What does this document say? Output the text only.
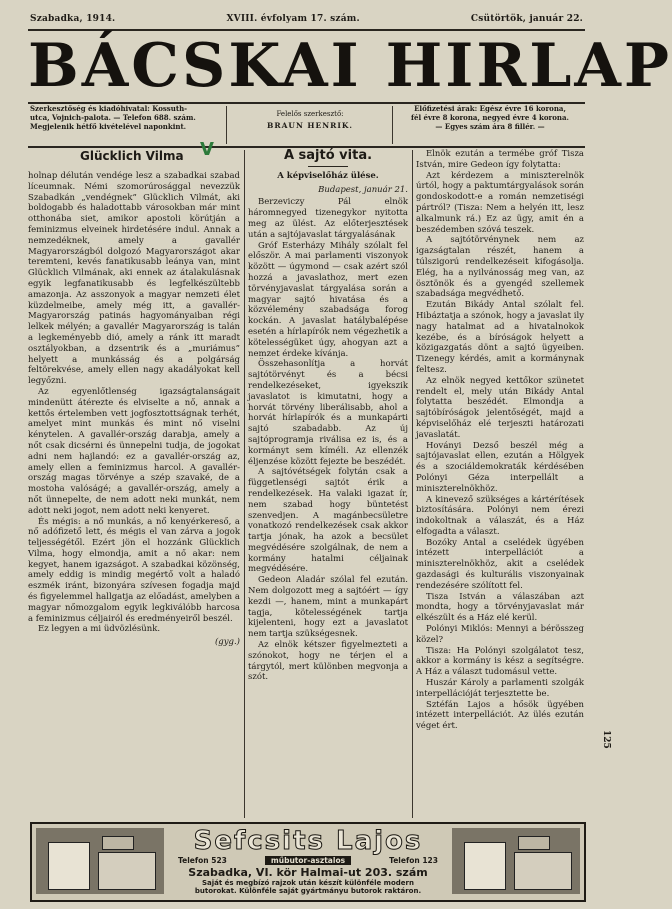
Szabadka, 1914.	XVIII. évfolyam 17. szám.	Csütörtök, január 22.
BÁCSKAI HIRLAP
Szerkesztőség és kiadóhivatal: Kossuth-
utca, Vojnich-palota. — Telefon 688. szám.
Megjelenik hétfő kivételével naponkint.
Felelős szerkesztő:
BRAUN HENRIK.
Előfizetési árak: Egész évre 16 korona,
fél évre 8 korona, negyed évre 4 korona.
— Egyes szám ára 8 fillér. —
Glücklich Vilma V

holnap délután vendége lesz a szabadkai szabad líceumnak. Némi szomorúrosággal nevezzük Szabadkán „vendégnek” Glücklich Vilmát, aki boldogabb és haladottabb városokban már mint otthonába siet, amikor apostoli körútján a feminizmus elveinek hirdetésére indul. Annak a nemzedéknek, amely a gavallér Magyarországból dolgozó Magyarországot akar teremteni, kevés fanatikusabb leánya van, mint Glücklich Vilmának, aki ennek az átalakulásnak egyik legfanatikusabb és legfelkészültebb amazonja. Az asszonyok a magyar nemzeti élet küzdelmeibe, amely még itt, a gavallér-Magyarország patinás hagyományaiban régi lelkek mélyén; a gavallér Magyarország is talán a legkeményebb dió, amely a ránk itt maradt osztályokban, a dzsentrik és a „muriámus” helyett a munkásság és a polgárság feltörekvése, amely ellen nagy akadályokat kell legyőzni.

Az egyenlőtlenség igazságtalanságait mindenütt átérezte és elviselte a nő, annak a kettős értelemben vett jogfosztottságnak terhét, amelyet mint munkás és mint nő viselni kénytelen. A gavallér-ország darabja, amely a nőt csak dicsérni és ünnepelni tudja, de jogokat adni nem hajlandó: ez a gavallér-ország az, amely ellen a feminizmus harcol. A gavallér-ország magas törvénye a szép szavaké, de a mostoha valóságé; a gavallér-ország, amely a nőt ünnepelte, de nem adott neki munkát, nem adott neki jogot, nem adott neki kenyeret.

És mégis: a nő munkás, a nő kenyérkereső, a nő adófizető lett, és mégis el van zárva a jogok teljességétől. Ezért jön el hozzánk Glücklich Vilma, hogy elmondja, amit a nő akar: nem kegyet, hanem igazságot. A szabadkai közönség, amely eddig is mindig megértő volt a haladó eszmék iránt, bizonyára szívesen fogadja majd és figyelemmel hallgatja az előadást, amelyben a magyar nőmozgalom egyik legkiválóbb harcosa a feminizmus céljairól és eredményeiről beszél.

Ez legyen a mi üdvözlésünk.

(gyg.)
A sajtó vita.
A képviselőház ülése.
Budapest, január 21.

Berzeviczy Pál elnök háromnegyed tizenegykor nyitotta meg az ülést. Az előterjesztések után a sajtójavaslat tárgyalásának

Gróf Esterházy Mihály szólalt fel először. A mai parlamenti viszonyok között — úgymond — csak azért szól hozzá a javaslathoz, mert ezen törvényjavaslat tárgyalása során a magyar sajtó hivatása és a közvélemény szabadsága forog kockán. A javaslat hatálybalépése esetén a hírlapírók nem végezhetik a kötelességüket úgy, ahogyan azt a nemzet érdeke kívánja.

Összehasonlítja a horvát sajtótörvényt és a bécsi rendelkezéseket, igyekszik javaslatot is kimutatni, hogy a horvát törvény liberálisabb, ahol a horvát hírlapírók és a munkapárti sajtó szabadabb. Az új sajtóprogramja riválisa ez is, és a kormányt sem kíméli. Az ellenzék éljenzése között fejezte be beszédét.

A sajtóvétségek folytán csak a függetlenségi sajtót érik a rendelkezések. Ha valaki igazat ír, nem szabad hogy büntetést szenvedjen. A magánbecsületre vonatkozó rendelkezések csak akkor tartja jónak, ha azok a becsület megvédésére szolgálnak, de nem a kormány hatalmi céljainak megvédésére.

Gedeon Aladár szólal fel ezután. Nem dolgozott meg a sajtóért — így kezdi —, hanem, mint a munkapárt tagja, kötelességének tartja kijelenteni, hogy ezt a javaslatot nem tartja szükségesnek.

Az elnök kétszer figyelmezteti a szónokot, hogy ne térjen el a tárgytól, mert különben megvonja a szót.

Elnök ezután a termébe gróf Tisza István, mire Gedeon így folytatta:

Azt kérdezem a miniszterelnök úrtól, hogy a paktumtárgyalások során gondoskodott-e a román nemzetiségi pártról? (Tisza: Nem a helyén itt, lesz alkalmunk rá.) Ez az ügy, amit én a beszédemben szóvá teszek.

A sajtótörvénynek nem az igazságtalan részét, hanem a túlszigorú rendelkezéseit kifogásolja. Elég, ha a nyilvánosság meg van, az ösztönök és a gyengéd szellemek szabadsága megvédhető.

Ezután Bikády Antal szólalt fel. Hibáztatja a szónok, hogy a javaslat ily nagy hatalmat ad a hivatalnokok kezébe, és a bíróságok helyett a közigazgatás dönt a sajtó ügyeiben. Tizenegy kérdés, amit a kormánynak feltesz.

Az elnök negyed kettőkor szünetet rendelt el, mely után Bikády Antal folytatta beszédét. Elmondja a sajtóbíróságok jelentőségét, majd a képviselőház elé terjeszti határozati javaslatát.

Hoványi Dezső beszél még a sajtójavaslat ellen, ezután a Hölgyek és a szociáldemokraták kérdésében Polónyi Géza interpellált a miniszterelnökhöz.

A kinevező szükséges a kártérítések biztosítására. Polónyi nem érezi indokoltnak a válaszát, és a Ház elfogadta a választ.

Bozóky Antal a cselédek ügyében intézett interpellációt a miniszterelnökhöz, akit a cselédek gazdasági és kulturális viszonyainak rendezésére szólított fel.

Tisza István a válaszában azt mondta, hogy a törvényjavaslat már elkészült és a Ház elé kerül.

Polónyi Miklós: Mennyi a bérösszeg közel?

Tisza: Ha Polónyi szolgálatot tesz, akkor a kormány is kész a segítségre. A Ház a választ tudomásul vette.

Huszár Károly a parlamenti szolgák interpellációját terjesztette be.

Sztéfán Lajos a hősök ügyében intézett interpellációt. Az ülés ezután véget ért.

Sefcsits Lajos
Telefon 523	műbutor-asztalos	Telefon 123
Szabadka, VI. kör Halmai-ut 203. szám
Saját és megbízó rajzok után készít különféle modern
butorokat. Különféle saját gyártmányu butorok raktáron.
125
